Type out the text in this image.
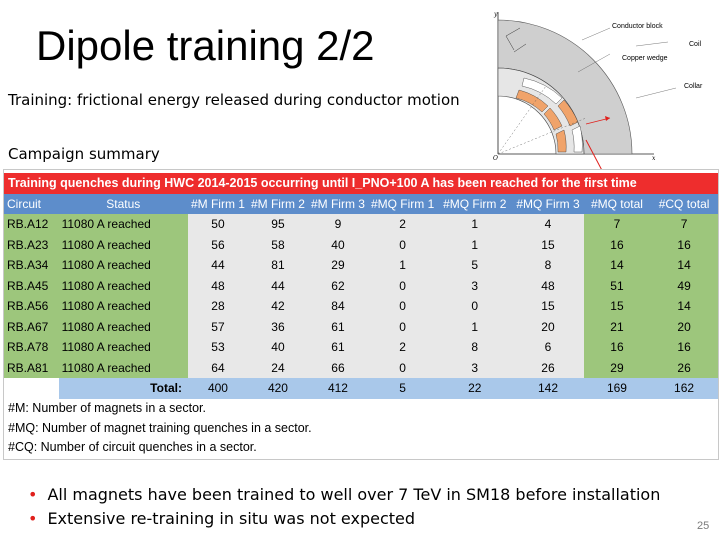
Dipole training 2/2
Training: frictional energy released during conductor motion
Campaign summary
y
x
O
Conductor block
Coil
Copper wedge
Collar
Training quenches during HWC 2014-2015 occurring until I_PNO+100 A has been reached for the first time									
Circuit	Status	#M Firm 1	#M Firm 2	#M Firm 3	#MQ Firm 1	#MQ Firm 2	#MQ Firm 3	#MQ total	#CQ total
RB.A12	11080 A reached	50	95	9	2	1	4	7	7
RB.A23	11080 A reached	56	58	40	0	1	15	16	16
RB.A34	11080 A reached	44	81	29	1	5	8	14	14
RB.A45	11080 A reached	48	44	62	0	3	48	51	49
RB.A56	11080 A reached	28	42	84	0	0	15	15	14
RB.A67	11080 A reached	57	36	61	0	1	20	21	20
RB.A78	11080 A reached	53	40	61	2	8	6	16	16
RB.A81	11080 A reached	64	24	66	0	3	26	29	26
	Total:	400	420	412	5	22	142	169	162
#M: Number of magnets in a sector.									
#MQ: Number of magnet training quenches in a sector.									
#CQ: Number of circuit quenches in a sector.									
• All magnets have been trained to well over 7 TeV in SM18 before installation
• Extensive re-training in situ was not expected	25
